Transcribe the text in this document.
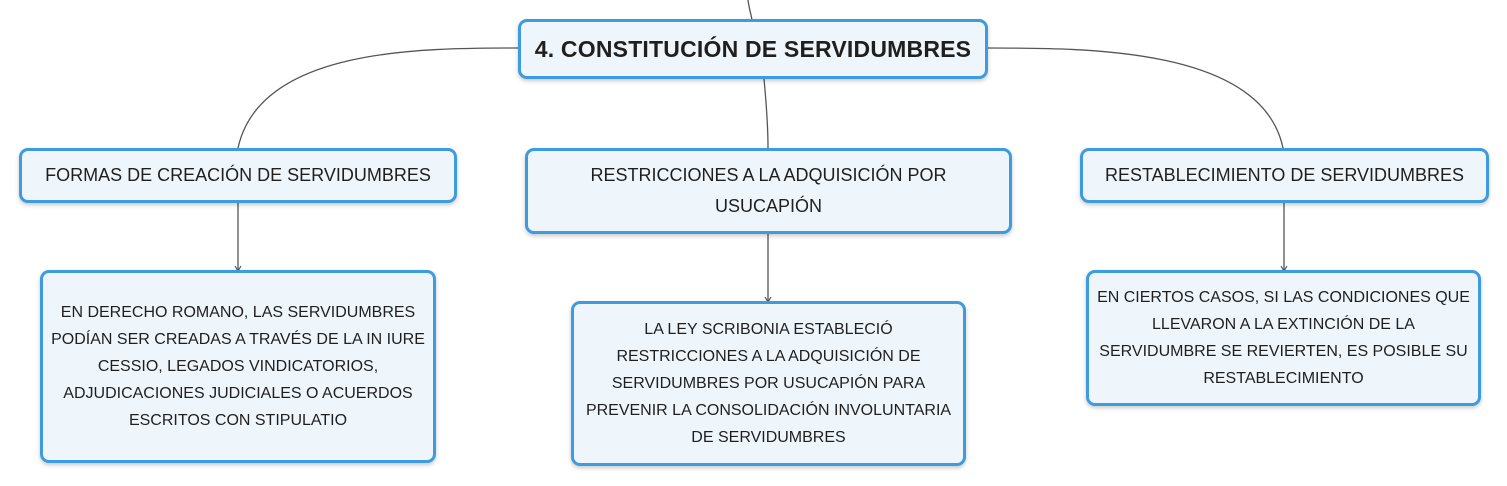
4. CONSTITUCIÓN DE SERVIDUMBRES
FORMAS DE CREACIÓN DE SERVIDUMBRES	RESTRICCIONES A LA ADQUISICIÓN POR USUCAPIÓN
RESTABLECIMIENTO DE SERVIDUMBRES
EN DERECHO ROMANO, LAS SERVIDUMBRES PODÍAN SER CREADAS A TRAVÉS DE LA IN IURE CESSIO, LEGADOS VINDICATORIOS, ADJUDICACIONES JUDICIALES O ACUERDOS ESCRITOS CON STIPULATIO
LA LEY SCRIBONIA ESTABLECIÓ RESTRICCIONES A LA ADQUISICIÓN DE SERVIDUMBRES POR USUCAPIÓN PARA PREVENIR LA CONSOLIDACIÓN INVOLUNTARIA DE SERVIDUMBRES
EN CIERTOS CASOS, SI LAS CONDICIONES QUE LLEVARON A LA EXTINCIÓN DE LA SERVIDUMBRE SE REVIERTEN, ES POSIBLE SU RESTABLECIMIENTO
